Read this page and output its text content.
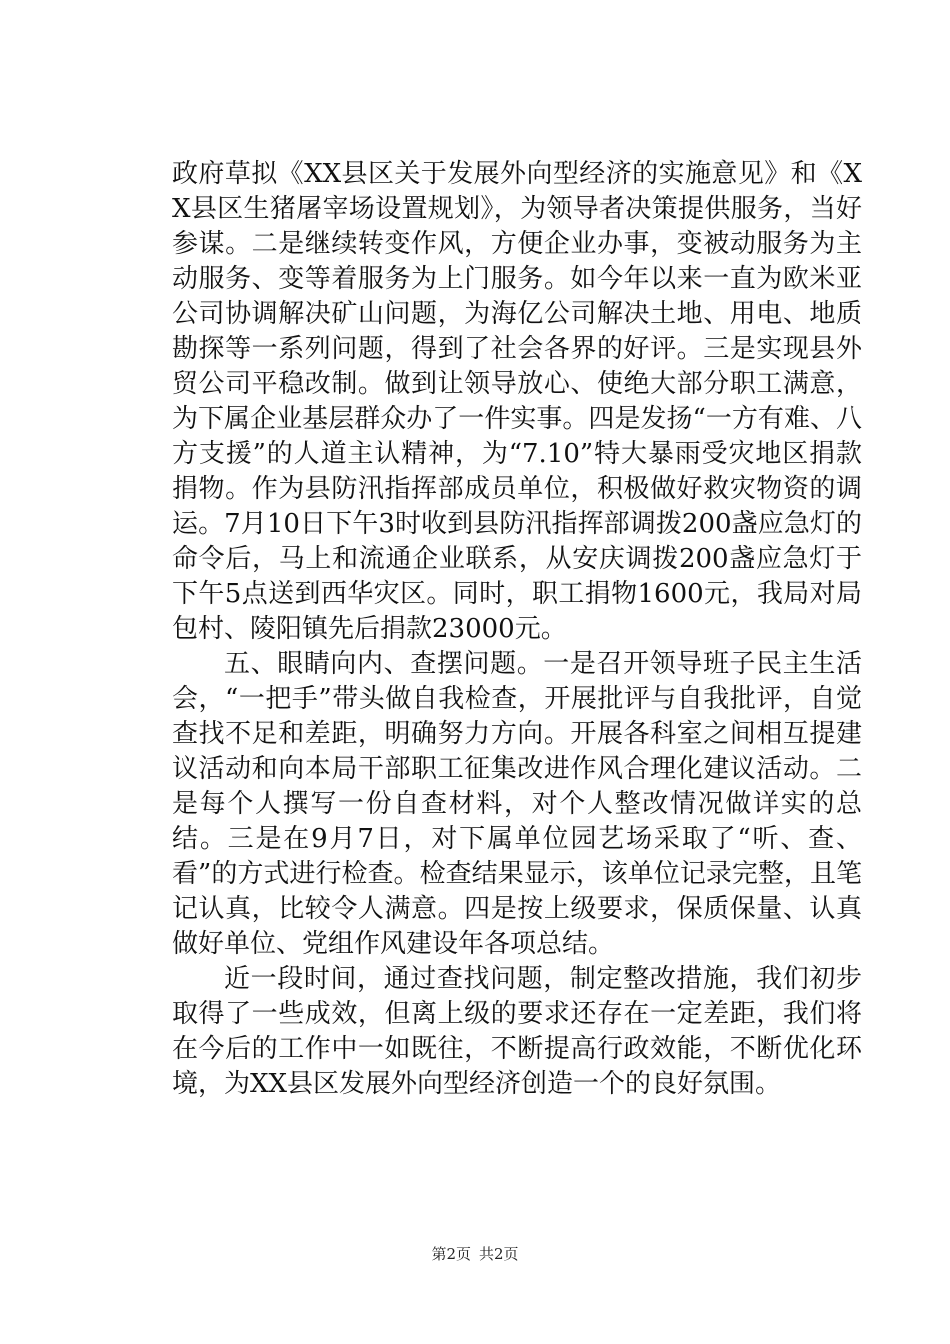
政府草拟《XX县区关于发展外向型经济的实施意见》和《XX县区生猪屠宰场设置规划》，为领导者决策提供服务，当好参谋。二是继续转变作风，方便企业办事，变被动服务为主动服务、变等着服务为上门服务。如今年以来一直为欧米亚公司协调解决矿山问题，为海亿公司解决土地、用电、地质勘探等一系列问题，得到了社会各界的好评。三是实现县外贸公司平稳改制。做到让领导放心、使绝大部分职工满意，为下属企业基层群众办了一件实事。四是发扬“一方有难、八方支援”的人道主认精神，为“7.10”特大暴雨受灾地区捐款捐物。作为县防汛指挥部成员单位，积极做好救灾物资的调运。7月10日下午3时收到县防汛指挥部调拨200盏应急灯的命令后，马上和流通企业联系，从安庆调拨200盏应急灯于下午5点送到西华灾区。同时，职工捐物1600元，我局对局包村、陵阳镇先后捐款23000元。

五、眼睛向内、查摆问题。一是召开领导班子民主生活会，“一把手”带头做自我检查，开展批评与自我批评，自觉查找不足和差距，明确努力方向。开展各科室之间相互提建议活动和向本局干部职工征集改进作风合理化建议活动。二是每个人撰写一份自查材料，对个人整改情况做详实的总结。三是在9月7日，对下属单位园艺场采取了“听、查、看”的方式进行检查。检查结果显示，该单位记录完整，且笔记认真，比较令人满意。四是按上级要求，保质保量、认真做好单位、党组作风建设年各项总结。

近一段时间，通过查找问题，制定整改措施，我们初步取得了一些成效，但离上级的要求还存在一定差距，我们将在今后的工作中一如既往，不断提高行政效能，不断优化环境，为XX县区发展外向型经济创造一个的良好氛围。

第2页 共2页
